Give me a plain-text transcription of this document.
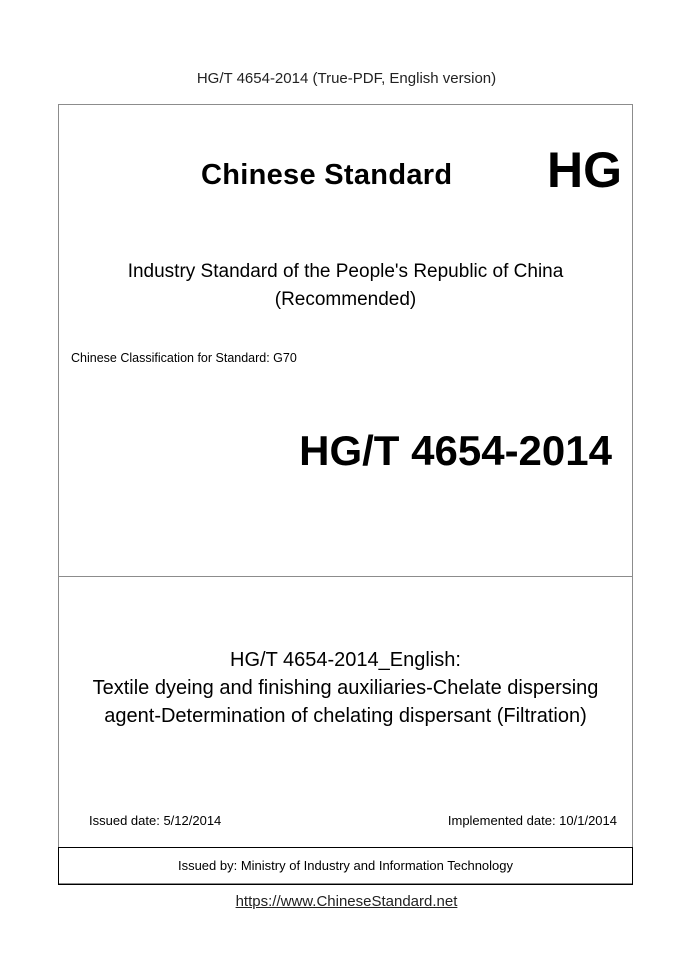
HG/T 4654-2014 (True-PDF, English version)
Chinese Standard HG
Industry Standard of the People's Republic of China
(Recommended)
Chinese Classification for Standard: G70
HG/T 4654-2014
HG/T 4654-2014_English:
Textile dyeing and finishing auxiliaries-Chelate dispersing
agent-Determination of chelating dispersant (Filtration)
Issued date: 5/12/2014	Implemented date: 10/1/2014
Issued by: Ministry of Industry and Information Technology
https://www.ChineseStandard.net
